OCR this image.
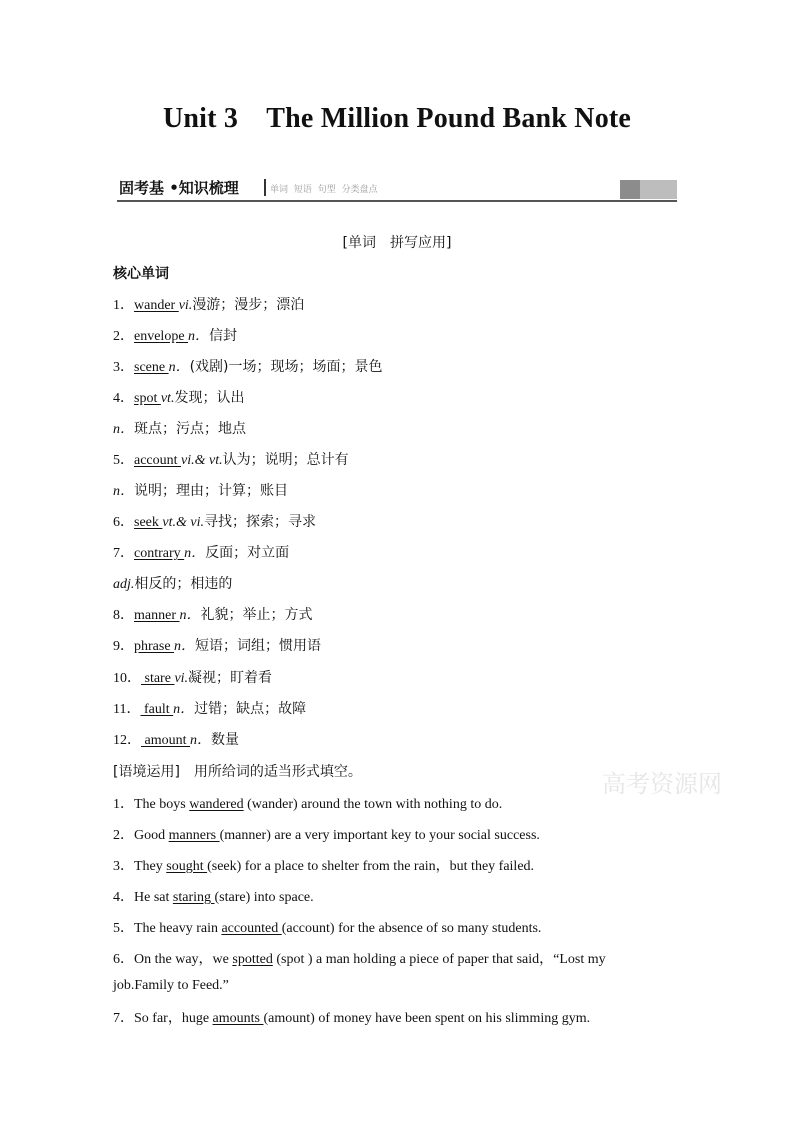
Unit 3　The Million Pound Bank Note
固考基 •知识梳理	单词 短语 句型 分类盘点
[单词　拼写应用]
核心单词
1．wander vi.漫游；漫步；漂泊
2．envelope n．信封
3．scene n．(戏剧)一场；现场；场面；景色
4．spot vt.发现；认出
n．斑点；污点；地点
5．account vi.& vt.认为；说明；总计有
n．说明；理由；计算；账目
6．seek vt.& vi.寻找；探索；寻求
7．contrary n．反面；对立面
adj.相反的；相违的
8．manner n．礼貌；举止；方式
9．phrase n．短语；词组；惯用语
10． stare vi.凝视；盯着看
11． fault n．过错；缺点；故障
12． amount n．数量
高考资源网
[语境运用]　用所给词的适当形式填空。
1．The boys wandered (wander) around the town with nothing to do.
2．Good manners (manner) are a very important key to your social success.
3．They sought (seek) for a place to shelter from the rain，but they failed.
4．He sat staring (stare) into space.
5．The heavy rain accounted (account) for the absence of so many students.
6．On the way，we spotted (spot ) a man holding a piece of paper that said，“Lost my
job.Family to Feed.”
7．So far，huge amounts (amount) of money have been spent on his slimming gym.
